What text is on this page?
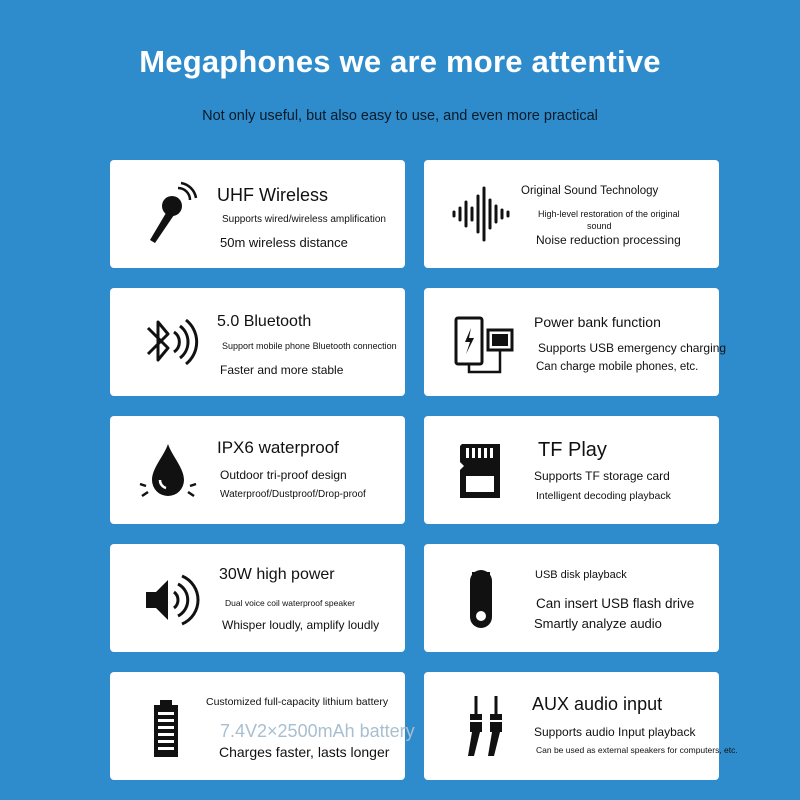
Megaphones we are more attentive
Not only useful, but also easy to use, and even more practical
UHF Wireless
Supports wired/wireless amplification
50m wireless distance
Original Sound Technology
High-level restoration of the original
sound
Noise reduction processing
5.0 Bluetooth
Support mobile phone Bluetooth connection
Faster and more stable
Power bank function
Supports USB emergency charging
Can charge mobile phones, etc.
IPX6 waterproof
Outdoor tri-proof design
Waterproof/Dustproof/Drop-proof
TF Play
Supports TF storage card
Intelligent decoding playback
30W high power
Dual voice coil waterproof speaker
Whisper loudly, amplify loudly
USB disk playback
Can insert USB flash drive
Smartly analyze audio
Customized full-capacity lithium battery
7.4V2×2500mAh battery
Charges faster, lasts longer
AUX audio input
Supports audio Input playback
Can be used as external speakers for computers, etc.
